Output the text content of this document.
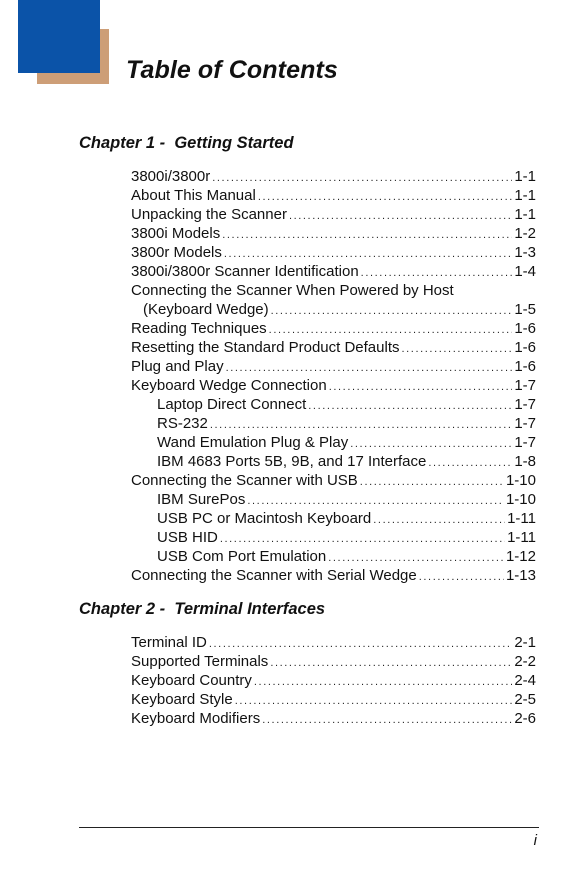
Table of Contents
Chapter 1 -  Getting Started
3800i/3800r .....	1-1
About This Manual .....	1-1
Unpacking the Scanner .....	1-1
3800i Models .....	1-2
3800r Models .....	1-3
3800i/3800r Scanner Identification .....	1-4
Connecting the Scanner When Powered by Host
(Keyboard Wedge) .....	1-5
Reading Techniques .....	1-6
Resetting the Standard Product Defaults .....	1-6
Plug and Play .....	1-6
Keyboard Wedge Connection .....	1-7
Laptop Direct Connect .....	1-7
RS-232 .....	1-7
Wand Emulation Plug & Play .....	1-7
IBM 4683 Ports 5B, 9B, and 17 Interface .....	1-8
Connecting the Scanner with USB .....	1-10
IBM SurePos .....	1-10
USB PC or Macintosh Keyboard .....	1-11
USB HID .....	1-11
USB Com Port Emulation .....	1-12
Connecting the Scanner with Serial Wedge .....	1-13
Chapter 2 -  Terminal Interfaces
Terminal ID .....	2-1
Supported Terminals .....	2-2
Keyboard Country .....	2-4
Keyboard Style .....	2-5
Keyboard Modifiers .....	2-6
i
